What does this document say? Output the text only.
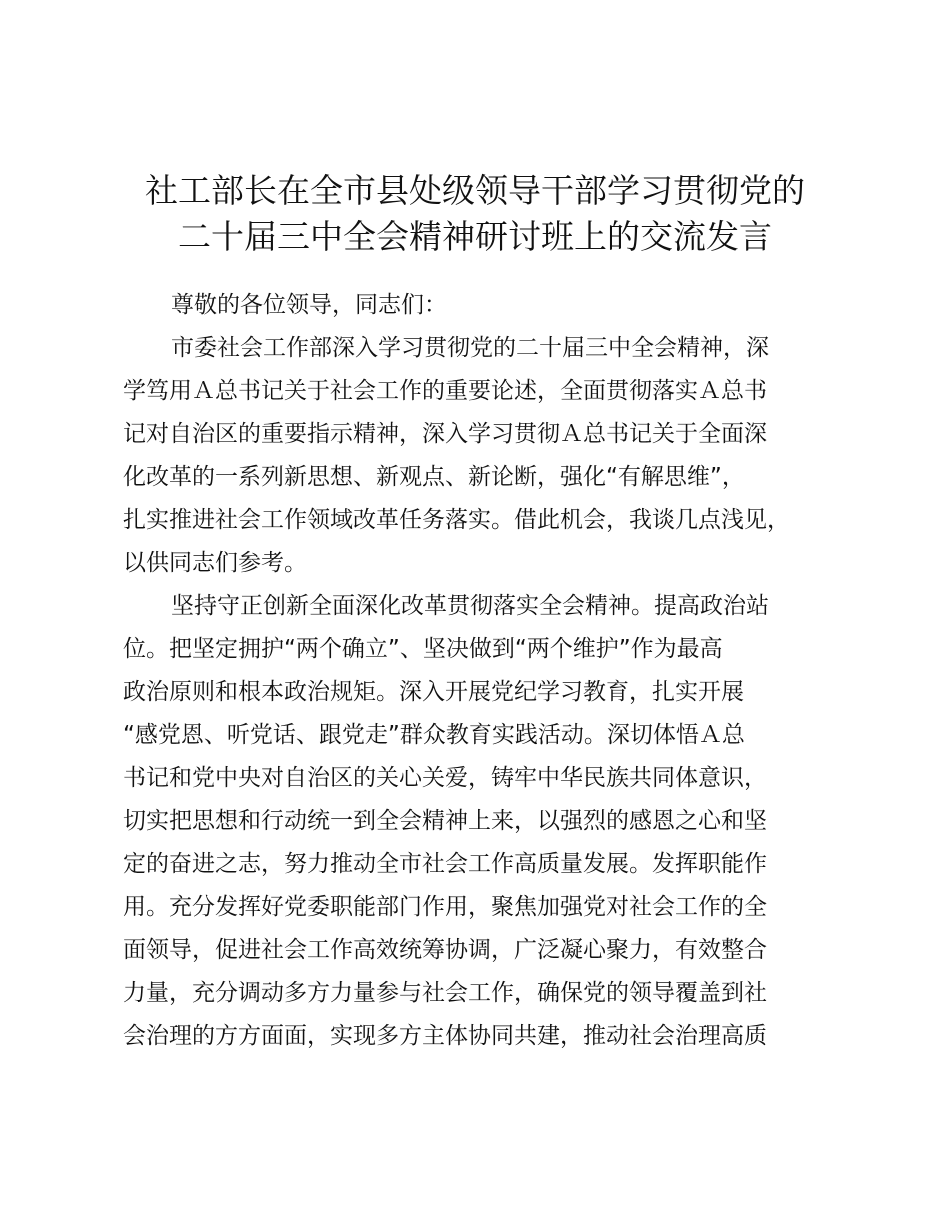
社工部长在全市县处级领导干部学习贯彻党的
二十届三中全会精神研讨班上的交流发言
尊敬的各位领导，同志们：
市委社会工作部深入学习贯彻党的二十届三中全会精神，深
学笃用Ａ总书记关于社会工作的重要论述，全面贯彻落实Ａ总书
记对自治区的重要指示精神，深入学习贯彻Ａ总书记关于全面深
化改革的一系列新思想、新观点、新论断，强化“有解思维”，
扎实推进社会工作领域改革任务落实。借此机会，我谈几点浅见，
以供同志们参考。
坚持守正创新全面深化改革贯彻落实全会精神。提高政治站
位。把坚定拥护“两个确立”、坚决做到“两个维护”作为最高
政治原则和根本政治规矩。深入开展党纪学习教育，扎实开展
“感党恩、听党话、跟党走”群众教育实践活动。深切体悟Ａ总
书记和党中央对自治区的关心关爱，铸牢中华民族共同体意识，
切实把思想和行动统一到全会精神上来，以强烈的感恩之心和坚
定的奋进之志，努力推动全市社会工作高质量发展。发挥职能作
用。充分发挥好党委职能部门作用，聚焦加强党对社会工作的全
面领导，促进社会工作高效统筹协调，广泛凝心聚力，有效整合
力量，充分调动多方力量参与社会工作，确保党的领导覆盖到社
会治理的方方面面，实现多方主体协同共建，推动社会治理高质
